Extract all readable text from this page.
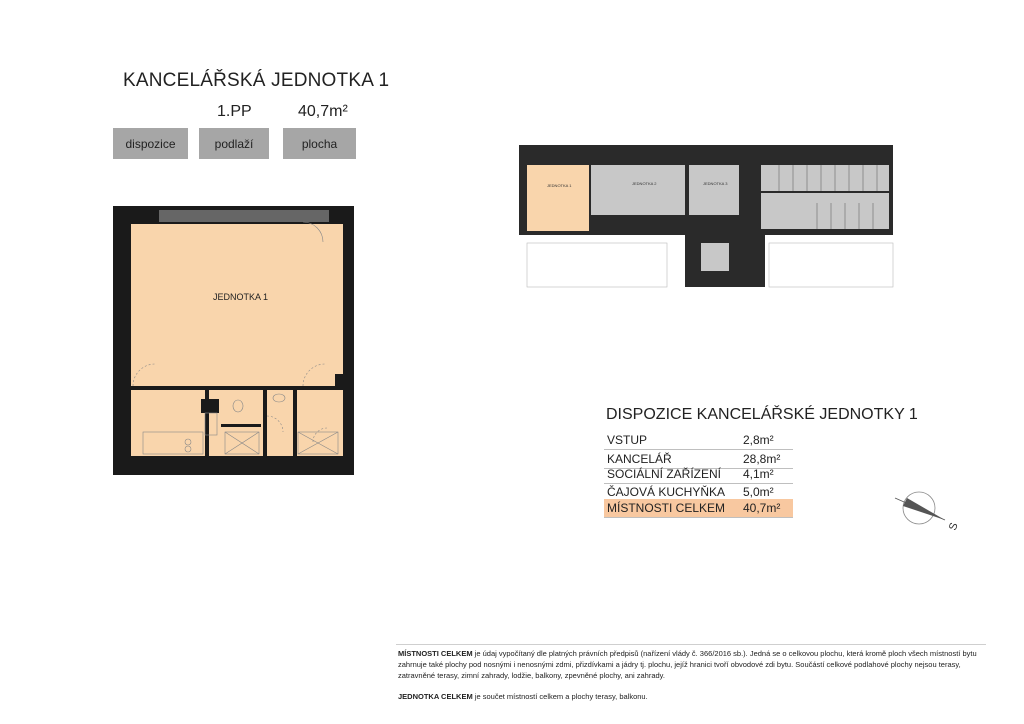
KANCELÁŘSKÁ JEDNOTKA 1
1.PP	40,7m²
dispozice	podlaží	plocha
JEDNOTKA 1
JEDNOTKA 1	JEDNOTKA 2	JEDNOTKA 3
DISPOZICE KANCELÁŘSKÉ JEDNOTKY 1
VSTUP	2,8m²
KANCELÁŘ	28,8m²
SOCIÁLNÍ ZAŘÍZENÍ 4,1m²
ČAJOVÁ KUCHYŇKA 5,0m²
MÍSTNOSTI CELKEM 40,7m²
S
MÍSTNOSTI CELKEM je údaj vypočítaný dle platných právních předpisů (nařízení vlády č. 366/2016 sb.). Jedná se o celkovou plochu, která kromě ploch všech místností bytu zahrnuje také plochy pod nosnými i nenosnými zdmi, přizdívkami a jádry tj. plochu, jejíž hranici tvoří obvodové zdi bytu. Součástí celkové podlahové plochy nejsou terasy, zatravněné terasy, zimní zahrady, lodžie, balkony, zpevněné plochy, ani zahrady.
JEDNOTKA CELKEM je součet místností celkem a plochy terasy, balkonu.
